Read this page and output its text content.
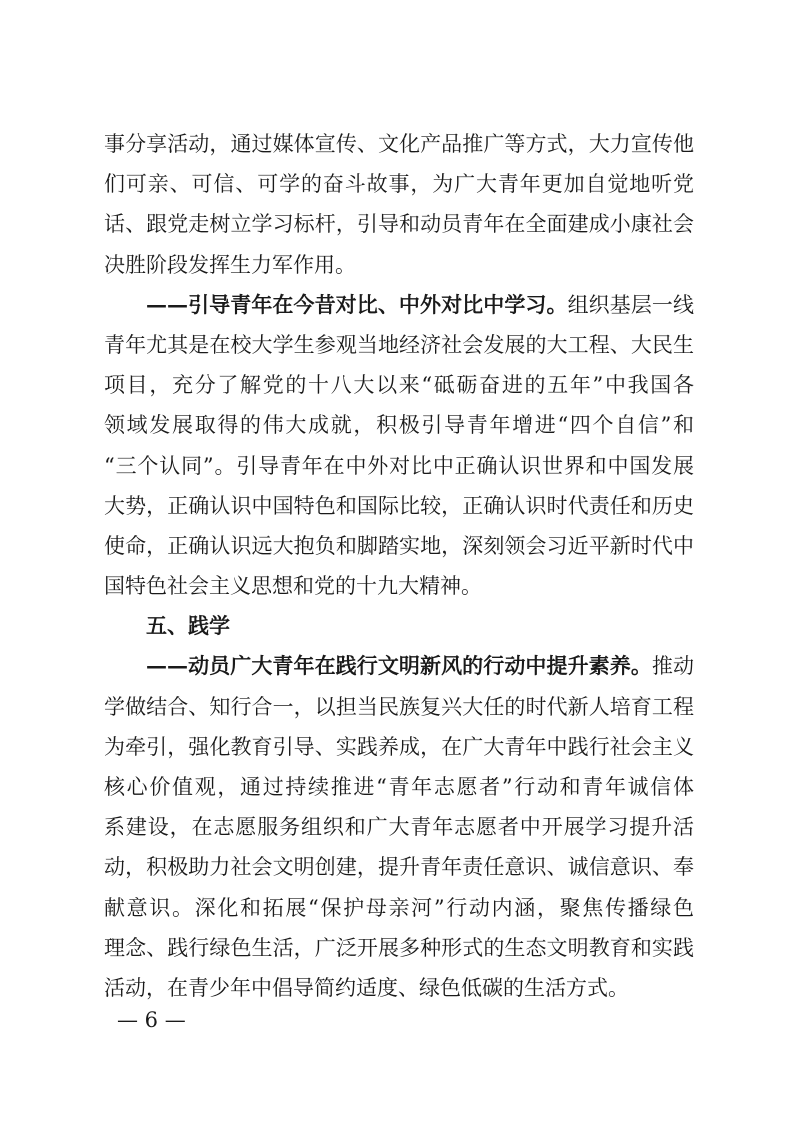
事分享活动，通过媒体宣传、文化产品推广等方式，大力宣传他
们可亲、可信、可学的奋斗故事，为广大青年更加自觉地听党
话、跟党走树立学习标杆，引导和动员青年在全面建成小康社会
决胜阶段发挥生力军作用。
——引导青年在今昔对比、中外对比中学习。组织基层一线
青年尤其是在校大学生参观当地经济社会发展的大工程、大民生
项目，充分了解党的十八大以来“砥砺奋进的五年”中我国各
领域发展取得的伟大成就，积极引导青年增进“四个自信”和
“三个认同”。引导青年在中外对比中正确认识世界和中国发展
大势，正确认识中国特色和国际比较，正确认识时代责任和历史
使命，正确认识远大抱负和脚踏实地，深刻领会习近平新时代中
国特色社会主义思想和党的十九大精神。
五、践学
——动员广大青年在践行文明新风的行动中提升素养。推动
学做结合、知行合一，以担当民族复兴大任的时代新人培育工程
为牵引，强化教育引导、实践养成，在广大青年中践行社会主义
核心价值观，通过持续推进“青年志愿者”行动和青年诚信体
系建设，在志愿服务组织和广大青年志愿者中开展学习提升活
动，积极助力社会文明创建，提升青年责任意识、诚信意识、奉
献意识。深化和拓展“保护母亲河”行动内涵，聚焦传播绿色
理念、践行绿色生活，广泛开展多种形式的生态文明教育和实践
活动，在青少年中倡导简约适度、绿色低碳的生活方式。
— 6 —
